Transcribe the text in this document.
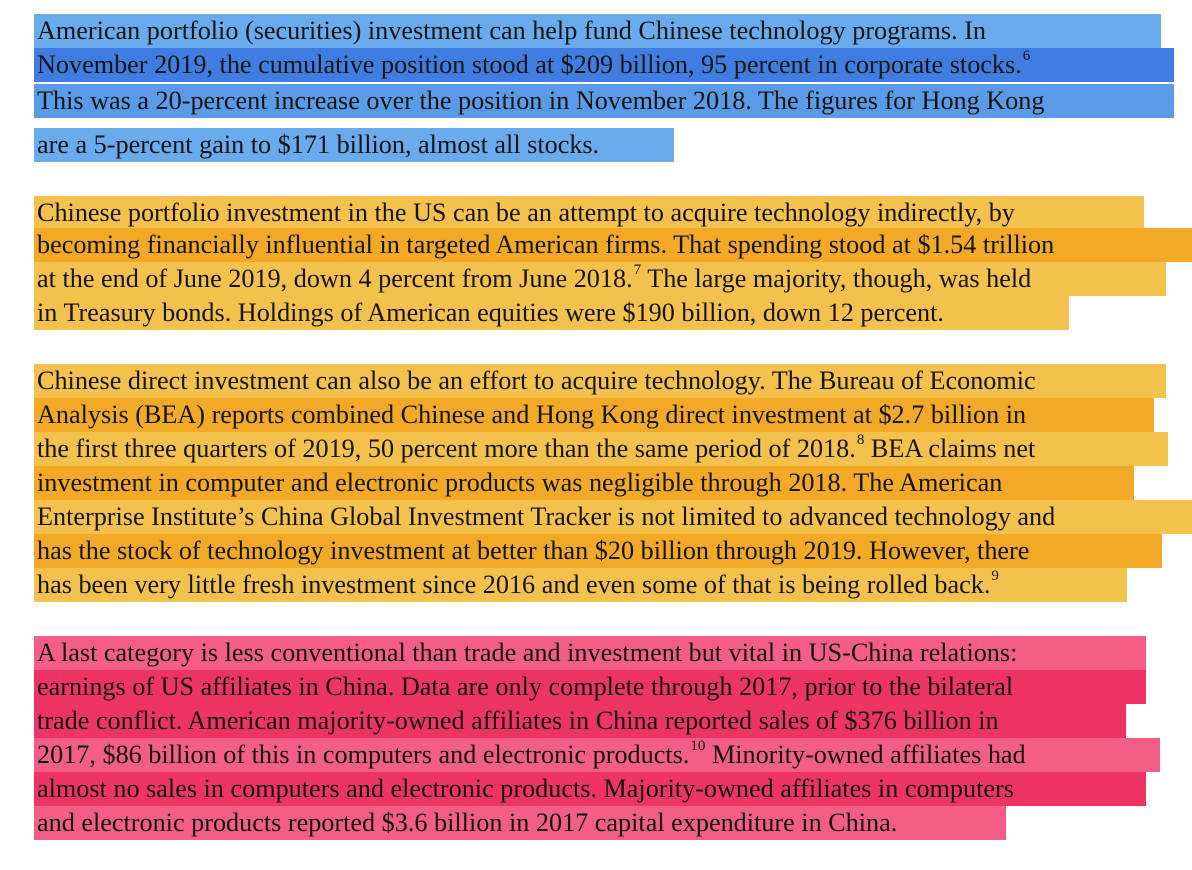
American portfolio (securities) investment can help fund Chinese technology programs. In
November 2019, the cumulative position stood at $209 billion, 95 percent in corporate stocks.$^6$
This was a 20-percent increase over the position in November 2018. The figures for Hong Kong
are a 5-percent gain to $171 billion, almost all stocks.
Chinese portfolio investment in the US can be an attempt to acquire technology indirectly, by
becoming financially influential in targeted American firms. That spending stood at $1.54 trillion
at the end of June 2019, down 4 percent from June 2018.$^7$ The large majority, though, was held
in Treasury bonds. Holdings of American equities were $190 billion, down 12 percent.
Chinese direct investment can also be an effort to acquire technology. The Bureau of Economic
Analysis (BEA) reports combined Chinese and Hong Kong direct investment at $2.7 billion in
the first three quarters of 2019, 50 percent more than the same period of 2018.$^8$ BEA claims net
investment in computer and electronic products was negligible through 2018. The American
Enterprise Institute’s China Global Investment Tracker is not limited to advanced technology and
has the stock of technology investment at better than $20 billion through 2019. However, there
has been very little fresh investment since 2016 and even some of that is being rolled back.$^9$
A last category is less conventional than trade and investment but vital in US-China relations:
earnings of US affiliates in China. Data are only complete through 2017, prior to the bilateral
trade conflict. American majority-owned affiliates in China reported sales of $376 billion in
2017, $86 billion of this in computers and electronic products.$^{10}$ Minority-owned affiliates had
almost no sales in computers and electronic products. Majority-owned affiliates in computers
and electronic products reported $3.6 billion in 2017 capital expenditure in China.
